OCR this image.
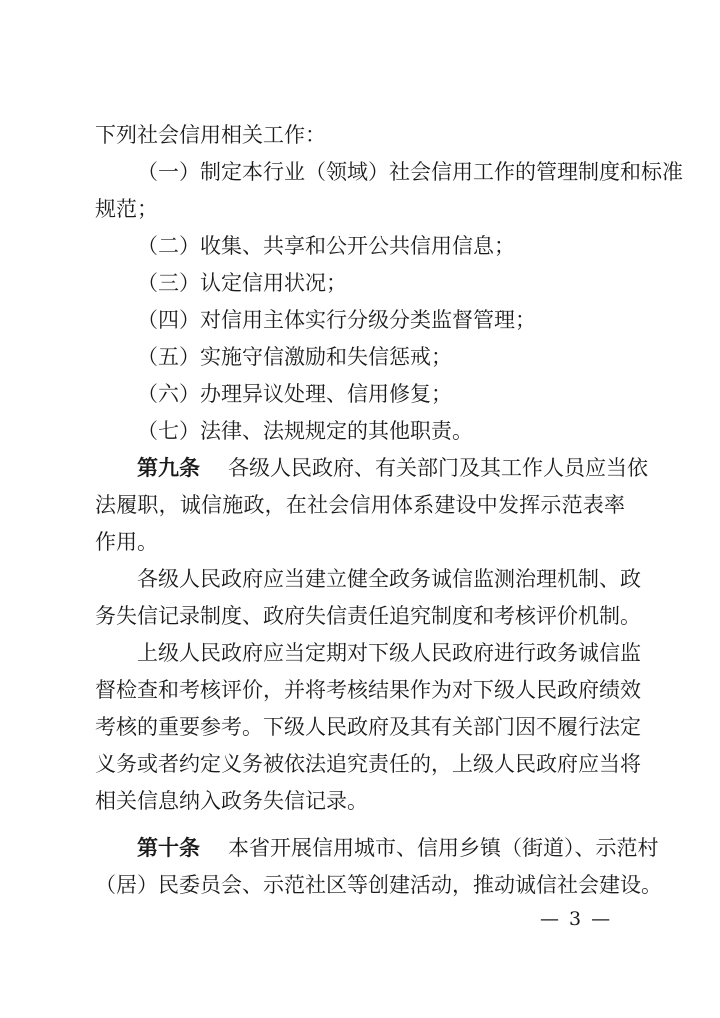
下列社会信用相关工作：
（一）制定本行业（领域）社会信用工作的管理制度和标准
规范；
（二）收集、共享和公开公共信用信息；
（三）认定信用状况；
（四）对信用主体实行分级分类监督管理；
（五）实施守信激励和失信惩戒；
（六）办理异议处理、信用修复；
（七）法律、法规规定的其他职责。
第九条 各级人民政府、有关部门及其工作人员应当依
法履职，诚信施政，在社会信用体系建设中发挥示范表率
作用。
各级人民政府应当建立健全政务诚信监测治理机制、政
务失信记录制度、政府失信责任追究制度和考核评价机制。
上级人民政府应当定期对下级人民政府进行政务诚信监
督检查和考核评价，并将考核结果作为对下级人民政府绩效
考核的重要参考。下级人民政府及其有关部门因不履行法定
义务或者约定义务被依法追究责任的，上级人民政府应当将
相关信息纳入政务失信记录。
第十条 本省开展信用城市、信用乡镇（街道）、示范村
（居）民委员会、示范社区等创建活动，推动诚信社会建设。
— 3 —
